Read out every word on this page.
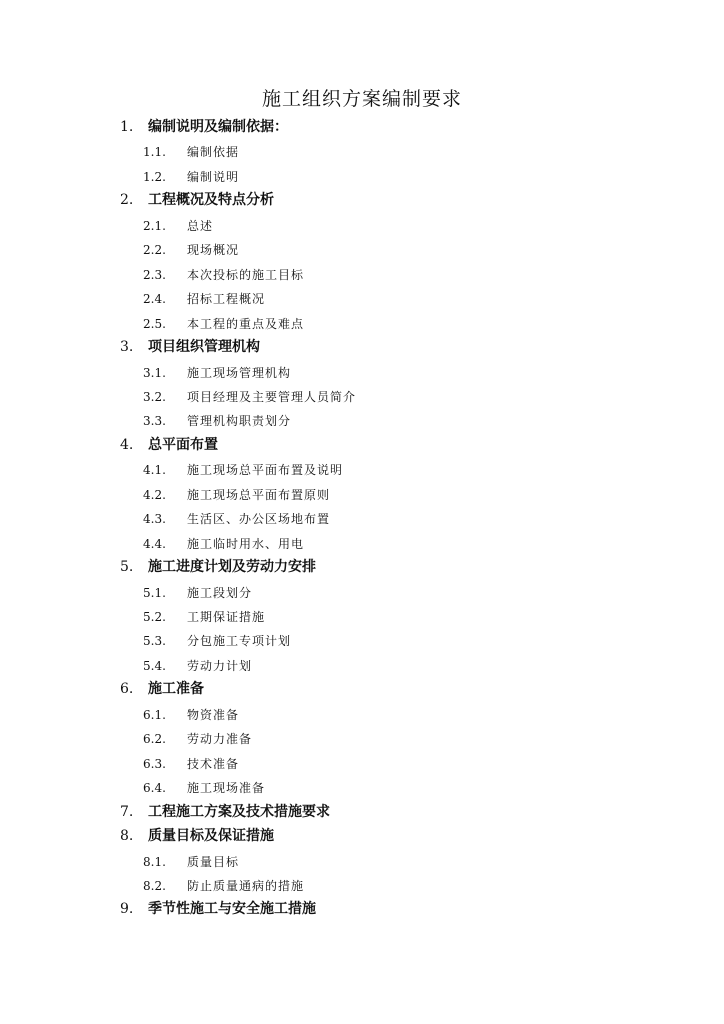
施工组织方案编制要求
1. 编制说明及编制依据：
1.1. 编制依据
1.2. 编制说明
2. 工程概况及特点分析
2.1. 总述
2.2. 现场概况
2.3. 本次投标的施工目标
2.4. 招标工程概况
2.5. 本工程的重点及难点
3. 项目组织管理机构
3.1. 施工现场管理机构
3.2. 项目经理及主要管理人员简介
3.3. 管理机构职责划分
4. 总平面布置
4.1. 施工现场总平面布置及说明
4.2. 施工现场总平面布置原则
4.3. 生活区、办公区场地布置
4.4. 施工临时用水、用电
5. 施工进度计划及劳动力安排
5.1. 施工段划分
5.2. 工期保证措施
5.3. 分包施工专项计划
5.4. 劳动力计划
6. 施工准备
6.1. 物资准备
6.2. 劳动力准备
6.3. 技术准备
6.4. 施工现场准备
7. 工程施工方案及技术措施要求
8. 质量目标及保证措施
8.1. 质量目标
8.2. 防止质量通病的措施
9. 季节性施工与安全施工措施
